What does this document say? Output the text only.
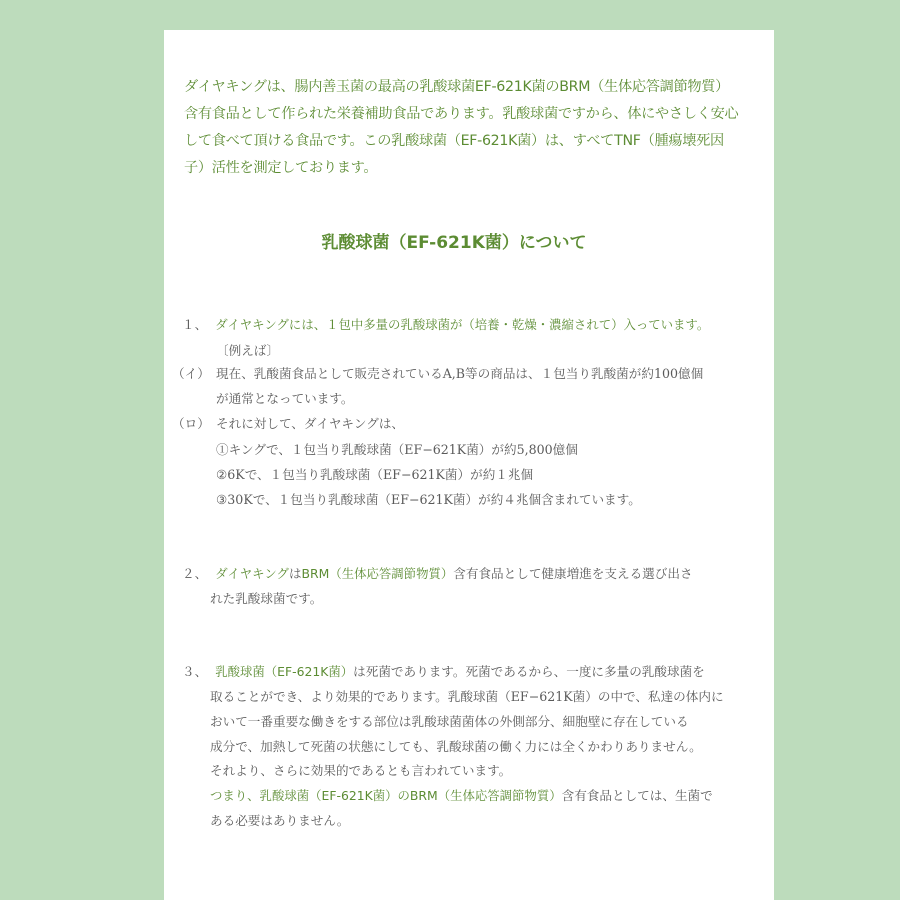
ダイヤキングは、腸内善玉菌の最高の乳酸球菌EF-621K菌のBRM（生体応答調節物質）
含有食品として作られた栄養補助食品であります。乳酸球菌ですから、体にやさしく安心
して食べて頂ける食品です。この乳酸球菌（EF-621K菌）は、すべてTNF（腫瘍壊死因
子）活性を測定しております。
乳酸球菌（EF-621K菌）について
１、 ダイヤキングには、１包中多量の乳酸球菌が（培養・乾燥・濃縮されて）入っています。
〔例えば〕
（イ） 現在、乳酸菌食品として販売されているA,B等の商品は、１包当り乳酸菌が約100億個
が通常となっています。
（ロ） それに対して、ダイヤキングは、
①キングで、１包当り乳酸球菌（EF−621K菌）が約5,800億個
②6Kで、１包当り乳酸球菌（EF−621K菌）が約１兆個
③30Kで、１包当り乳酸球菌（EF−621K菌）が約４兆個含まれています。
２、 ダイヤキングはBRM（生体応答調節物質）含有食品として健康増進を支える選び出さ
れた乳酸球菌です。
３、 乳酸球菌（EF-621K菌）は死菌であります。死菌であるから、一度に多量の乳酸球菌を
取ることができ、より効果的であります。乳酸球菌（EF−621K菌）の中で、私達の体内に
おいて一番重要な働きをする部位は乳酸球菌菌体の外側部分、細胞壁に存在している
成分で、加熱して死菌の状態にしても、乳酸球菌の働く力には全くかわりありません。
それより、さらに効果的であるとも言われています。
つまり、乳酸球菌（EF-621K菌）のBRM（生体応答調節物質）含有食品としては、生菌で
ある必要はありません。
